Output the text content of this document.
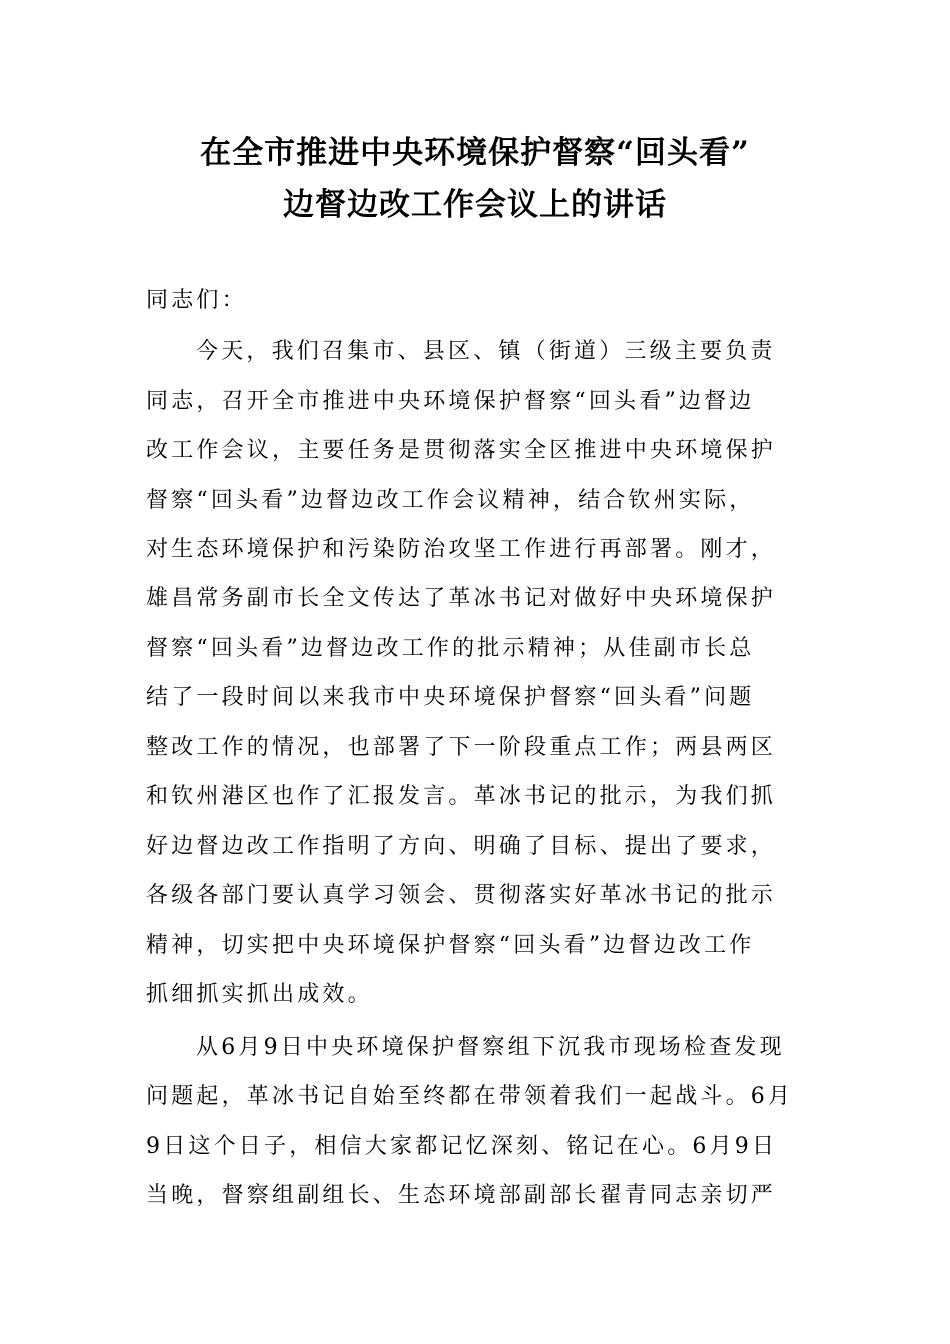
在全市推进中央环境保护督察“回头看”
边督边改工作会议上的讲话
同志们：
今天，我们召集市、县区、镇（街道）三级主要负责
同志，召开全市推进中央环境保护督察“回头看”边督边
改工作会议，主要任务是贯彻落实全区推进中央环境保护
督察“回头看”边督边改工作会议精神，结合钦州实际，
对生态环境保护和污染防治攻坚工作进行再部署。刚才，
雄昌常务副市长全文传达了革冰书记对做好中央环境保护
督察“回头看”边督边改工作的批示精神；从佳副市长总
结了一段时间以来我市中央环境保护督察“回头看”问题
整改工作的情况，也部署了下一阶段重点工作；两县两区
和钦州港区也作了汇报发言。革冰书记的批示，为我们抓
好边督边改工作指明了方向、明确了目标、提出了要求，
各级各部门要认真学习领会、贯彻落实好革冰书记的批示
精神，切实把中央环境保护督察“回头看”边督边改工作
抓细抓实抓出成效。
从6月9日中央环境保护督察组下沉我市现场检查发现
问题起，革冰书记自始至终都在带领着我们一起战斗。6月
9日这个日子，相信大家都记忆深刻、铭记在心。6月9日
当晚，督察组副组长、生态环境部副部长翟青同志亲切严
